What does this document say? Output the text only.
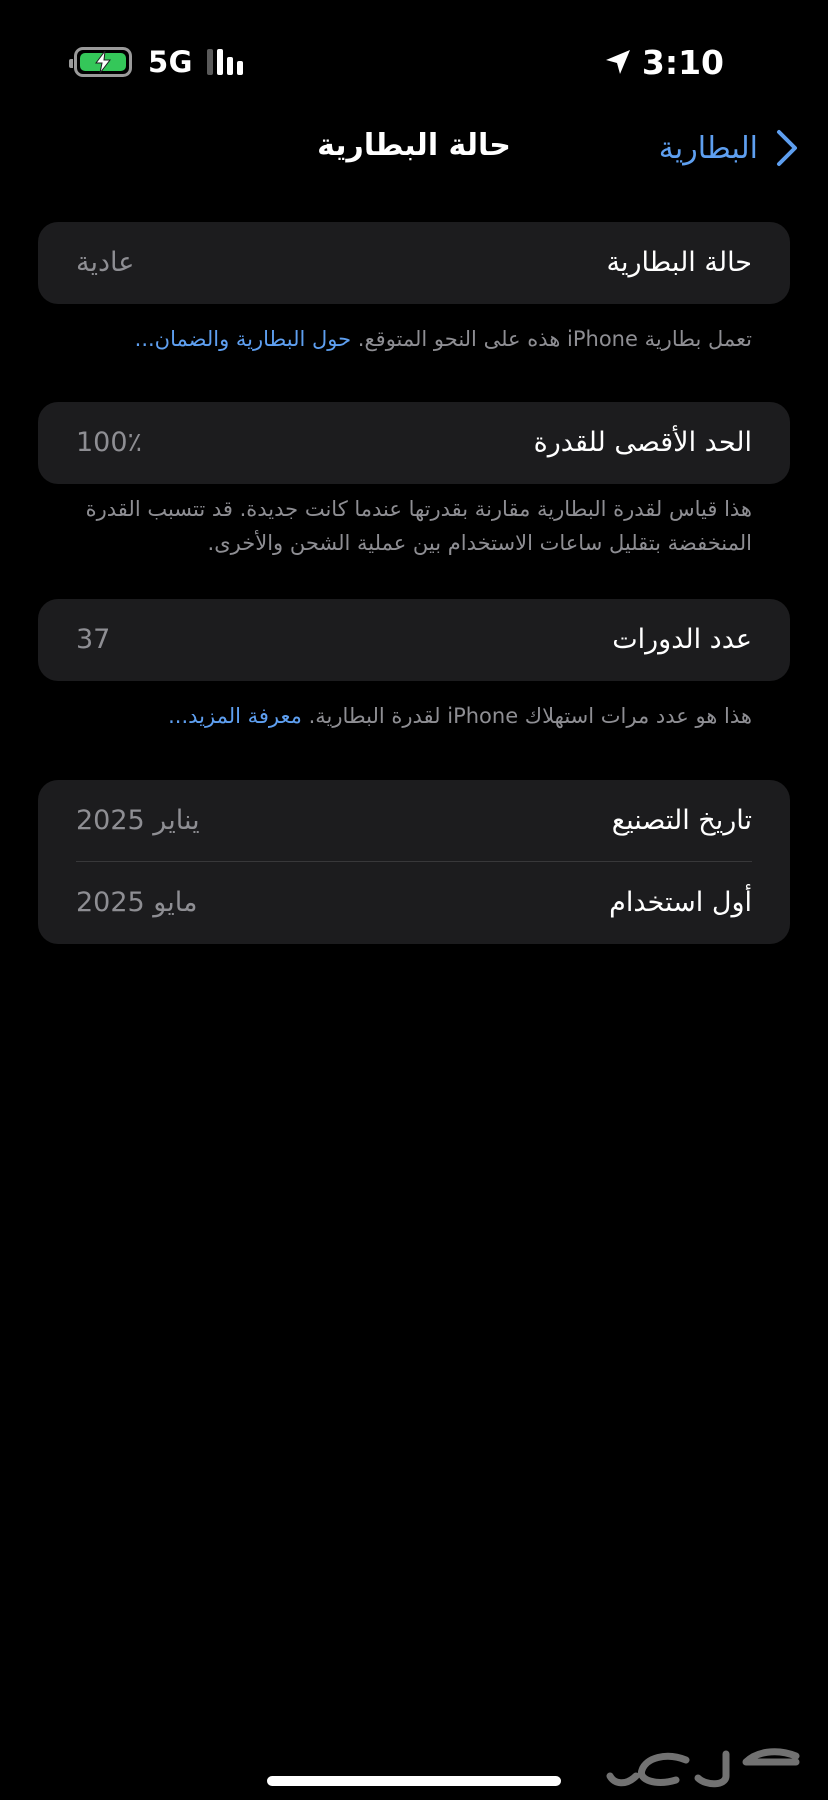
5G	3:10
البطارية
حالة البطارية
حالة البطارية
عادية
تعمل بطارية iPhone هذه على النحو المتوقع. حول البطارية والضمان...
الحد الأقصى للقدرة
100٪
هذا قياس لقدرة البطارية مقارنة بقدرتها عندما كانت جديدة. قد تتسبب القدرة المنخفضة بتقليل ساعات الاستخدام بين عملية الشحن والأخرى.
عدد الدورات
37
هذا هو عدد مرات استهلاك iPhone لقدرة البطارية. معرفة المزيد...
تاريخ التصنيع
يناير 2025
أول استخدام
مايو 2025
